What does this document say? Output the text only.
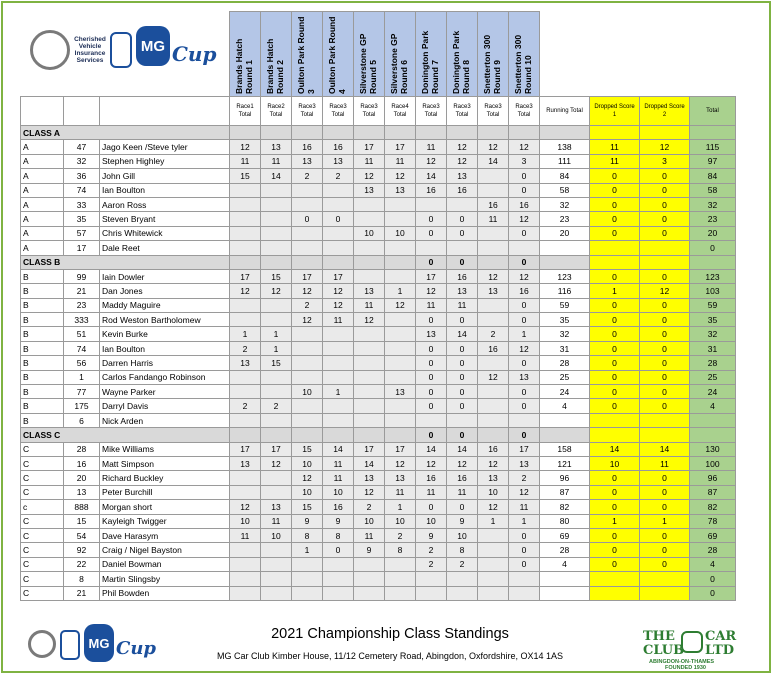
			Brands Hatch Round 1	Brands Hatch Round 2	Oulton Park Round 3	Oulton Park Round 4	Silverstone GP Round 5	Silverstone GP Round 6	Donington Park Round 7	Donington Park Round 8	Snetterton 300 Round 9	Snetterton 300 Round 10				

			Race1 Total	Race2 Total	Race3 Total	Race3 Total	Race3 Total	Race4 Total	Race3 Total	Race3 Total	Race3 Total	Race3 Total	Running Total	Dropped Score 1	Dropped Score 2	Total
CLASS A																
A	47	Jago Keen /Steve tyler	12	13	16	16	17	17	11	12	12	12	138	11	12	115
A	32	Stephen Highley	11	11	13	13	11	11	12	12	14	3	111	11	3	97
A	36	John Gill	15	14	2	2	12	12	14	13		0	84	0	0	84
A	74	Ian Boulton					13	13	16	16		0	58	0	0	58
A	33	Aaron Ross									16	16	32	0	0	32
A	35	Steven Bryant			0	0			0	0	11	12	23	0	0	23
A	57	Chris Whitewick					10	10	0	0		0	20	0	0	20
A	17	Dale Reet														0
CLASS B									0	0		0				
B	99	Iain Dowler	17	15	17	17			17	16	12	12	123	0	0	123
B	21	Dan Jones	12	12	12	12	13	1	12	13	13	16	116	1	12	103
B	23	Maddy Maguire			2	12	11	12	11	11		0	59	0	0	59
B	333	Rod Weston Bartholomew			12	11	12		0	0		0	35	0	0	35
B	51	Kevin Burke	1	1					13	14	2	1	32	0	0	32
B	74	Ian Boulton	2	1					0	0	16	12	31	0	0	31
B	56	Darren Harris	13	15					0	0		0	28	0	0	28
B	1	Carlos Fandango Robinson							0	0	12	13	25	0	0	25
B	77	Wayne Parker			10	1		13	0	0		0	24	0	0	24
B	175	Darryl Davis	2	2					0	0		0	4	0	0	4
B	6	Nick Arden														
CLASS C									0	0		0				
C	28	Mike Williams	17	17	15	14	17	17	14	14	16	17	158	14	14	130
C	16	Matt Simpson	13	12	10	11	14	12	12	12	12	13	121	10	11	100
C	20	Richard Buckley			12	11	13	13	16	16	13	2	96	0	0	96
C	13	Peter Burchill			10	10	12	11	11	11	10	12	87	0	0	87
c	888	Morgan short	12	13	15	16	2	1	0	0	12	11	82	0	0	82
C	15	Kayleigh Twigger	10	11	9	9	10	10	10	9	1	1	80	1	1	78
C	54	Dave Harasym	11	10	8	8	11	2	9	10		0	69	0	0	69
C	92	Craig / Nigel Bayston			1	0	9	8	2	8		0	28	0	0	28
C	22	Daniel Bowman							2	2		0	4	0	0	4
C	8	Martin Slingsby														0
C	21	Phil Bowden														0
Cherished
Vehicle
Insurance
Services
MG Cup
MG Cup
2021 Championship Class Standings
MG Car Club Kimber House, 11/12 Cemetery Road, Abingdon, Oxfordshire, OX14 1AS
THE CAR
CLUB LTD
ABINGDON-ON-THAMES
FOUNDED 1930
